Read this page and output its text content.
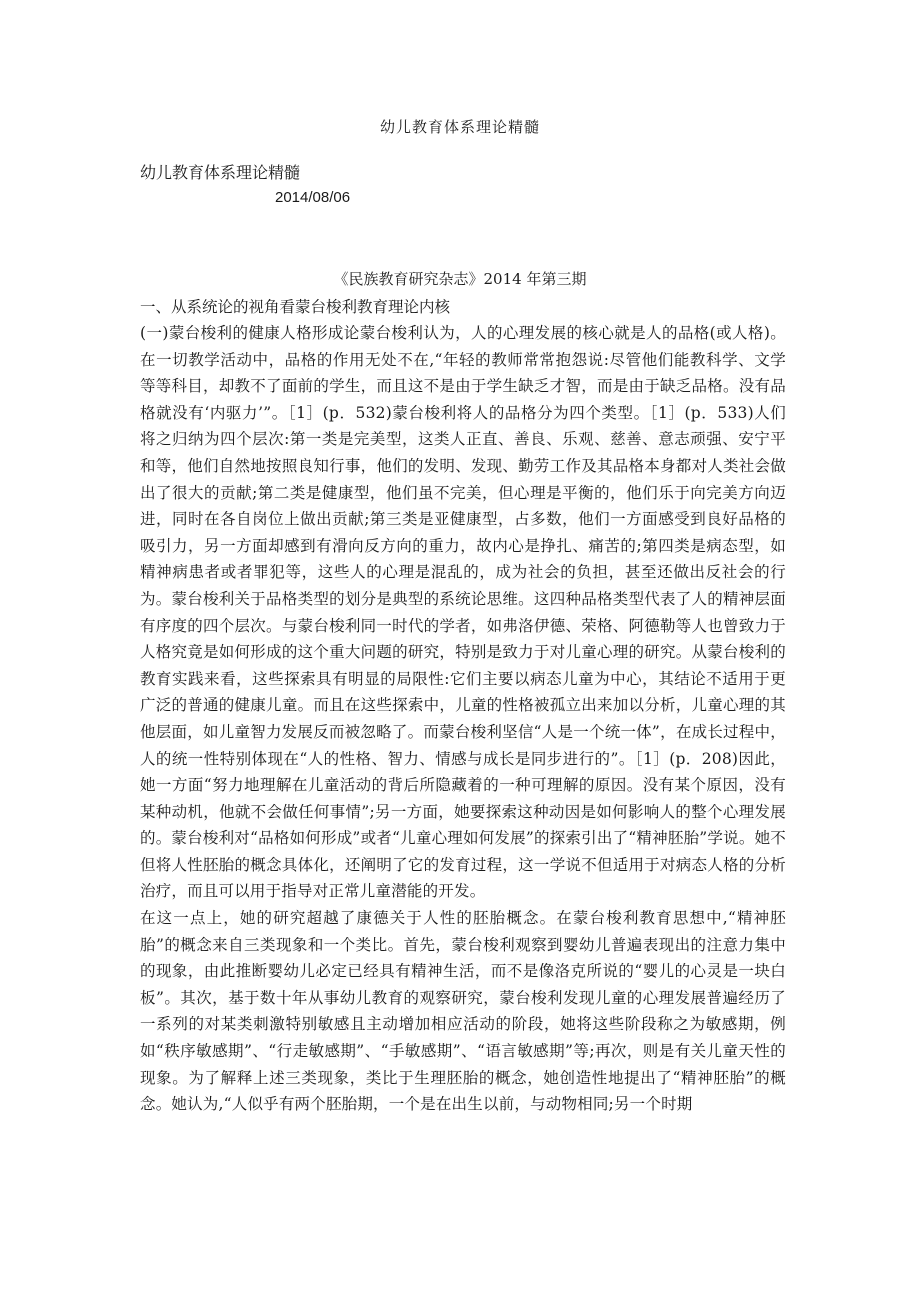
幼儿教育体系理论精髓
幼儿教育体系理论精髓
2014/08/06
《民族教育研究杂志》2014 年第三期
一、从系统论的视角看蒙台梭利教育理论内核

(一)蒙台梭利的健康人格形成论蒙台梭利认为，人的心理发展的核心就是人的品格(或人格)。在一切教学活动中，品格的作用无处不在,“年轻的教师常常抱怨说:尽管他们能教科学、文学等等科目，却教不了面前的学生，而且这不是由于学生缺乏才智，而是由于缺乏品格。没有品格就没有‘内驱力’”。［1］(p．532)蒙台梭利将人的品格分为四个类型。［1］(p．533)人们将之归纳为四个层次:第一类是完美型，这类人正直、善良、乐观、慈善、意志顽强、安宁平和等，他们自然地按照良知行事，他们的发明、发现、勤劳工作及其品格本身都对人类社会做出了很大的贡献;第二类是健康型，他们虽不完美，但心理是平衡的，他们乐于向完美方向迈进，同时在各自岗位上做出贡献;第三类是亚健康型，占多数，他们一方面感受到良好品格的吸引力，另一方面却感到有滑向反方向的重力，故内心是挣扎、痛苦的;第四类是病态型，如精神病患者或者罪犯等，这些人的心理是混乱的，成为社会的负担，甚至还做出反社会的行为。蒙台梭利关于品格类型的划分是典型的系统论思维。这四种品格类型代表了人的精神层面有序度的四个层次。与蒙台梭利同一时代的学者，如弗洛伊德、荣格、阿德勒等人也曾致力于人格究竟是如何形成的这个重大问题的研究，特别是致力于对儿童心理的研究。从蒙台梭利的教育实践来看，这些探索具有明显的局限性:它们主要以病态儿童为中心，其结论不适用于更广泛的普通的健康儿童。而且在这些探索中，儿童的性格被孤立出来加以分析，儿童心理的其他层面，如儿童智力发展反而被忽略了。而蒙台梭利坚信“人是一个统一体”，在成长过程中，人的统一性特别体现在“人的性格、智力、情感与成长是同步进行的”。［1］(p．208)因此，她一方面“努力地理解在儿童活动的背后所隐藏着的一种可理解的原因。没有某个原因，没有某种动机，他就不会做任何事情”;另一方面，她要探索这种动因是如何影响人的整个心理发展的。蒙台梭利对“品格如何形成”或者“儿童心理如何发展”的探索引出了“精神胚胎”学说。她不但将人性胚胎的概念具体化，还阐明了它的发育过程，这一学说不但适用于对病态人格的分析治疗，而且可以用于指导对正常儿童潜能的开发。

在这一点上，她的研究超越了康德关于人性的胚胎概念。在蒙台梭利教育思想中,“精神胚胎”的概念来自三类现象和一个类比。首先，蒙台梭利观察到婴幼儿普遍表现出的注意力集中的现象，由此推断婴幼儿必定已经具有精神生活，而不是像洛克所说的“婴儿的心灵是一块白板”。其次，基于数十年从事幼儿教育的观察研究，蒙台梭利发现儿童的心理发展普遍经历了一系列的对某类刺激特别敏感且主动增加相应活动的阶段，她将这些阶段称之为敏感期，例如“秩序敏感期”、“行走敏感期”、“手敏感期”、“语言敏感期”等;再次，则是有关儿童天性的现象。为了解释上述三类现象，类比于生理胚胎的概念，她创造性地提出了“精神胚胎”的概念。她认为,“人似乎有两个胚胎期，一个是在出生以前，与动物相同;另一个时期
